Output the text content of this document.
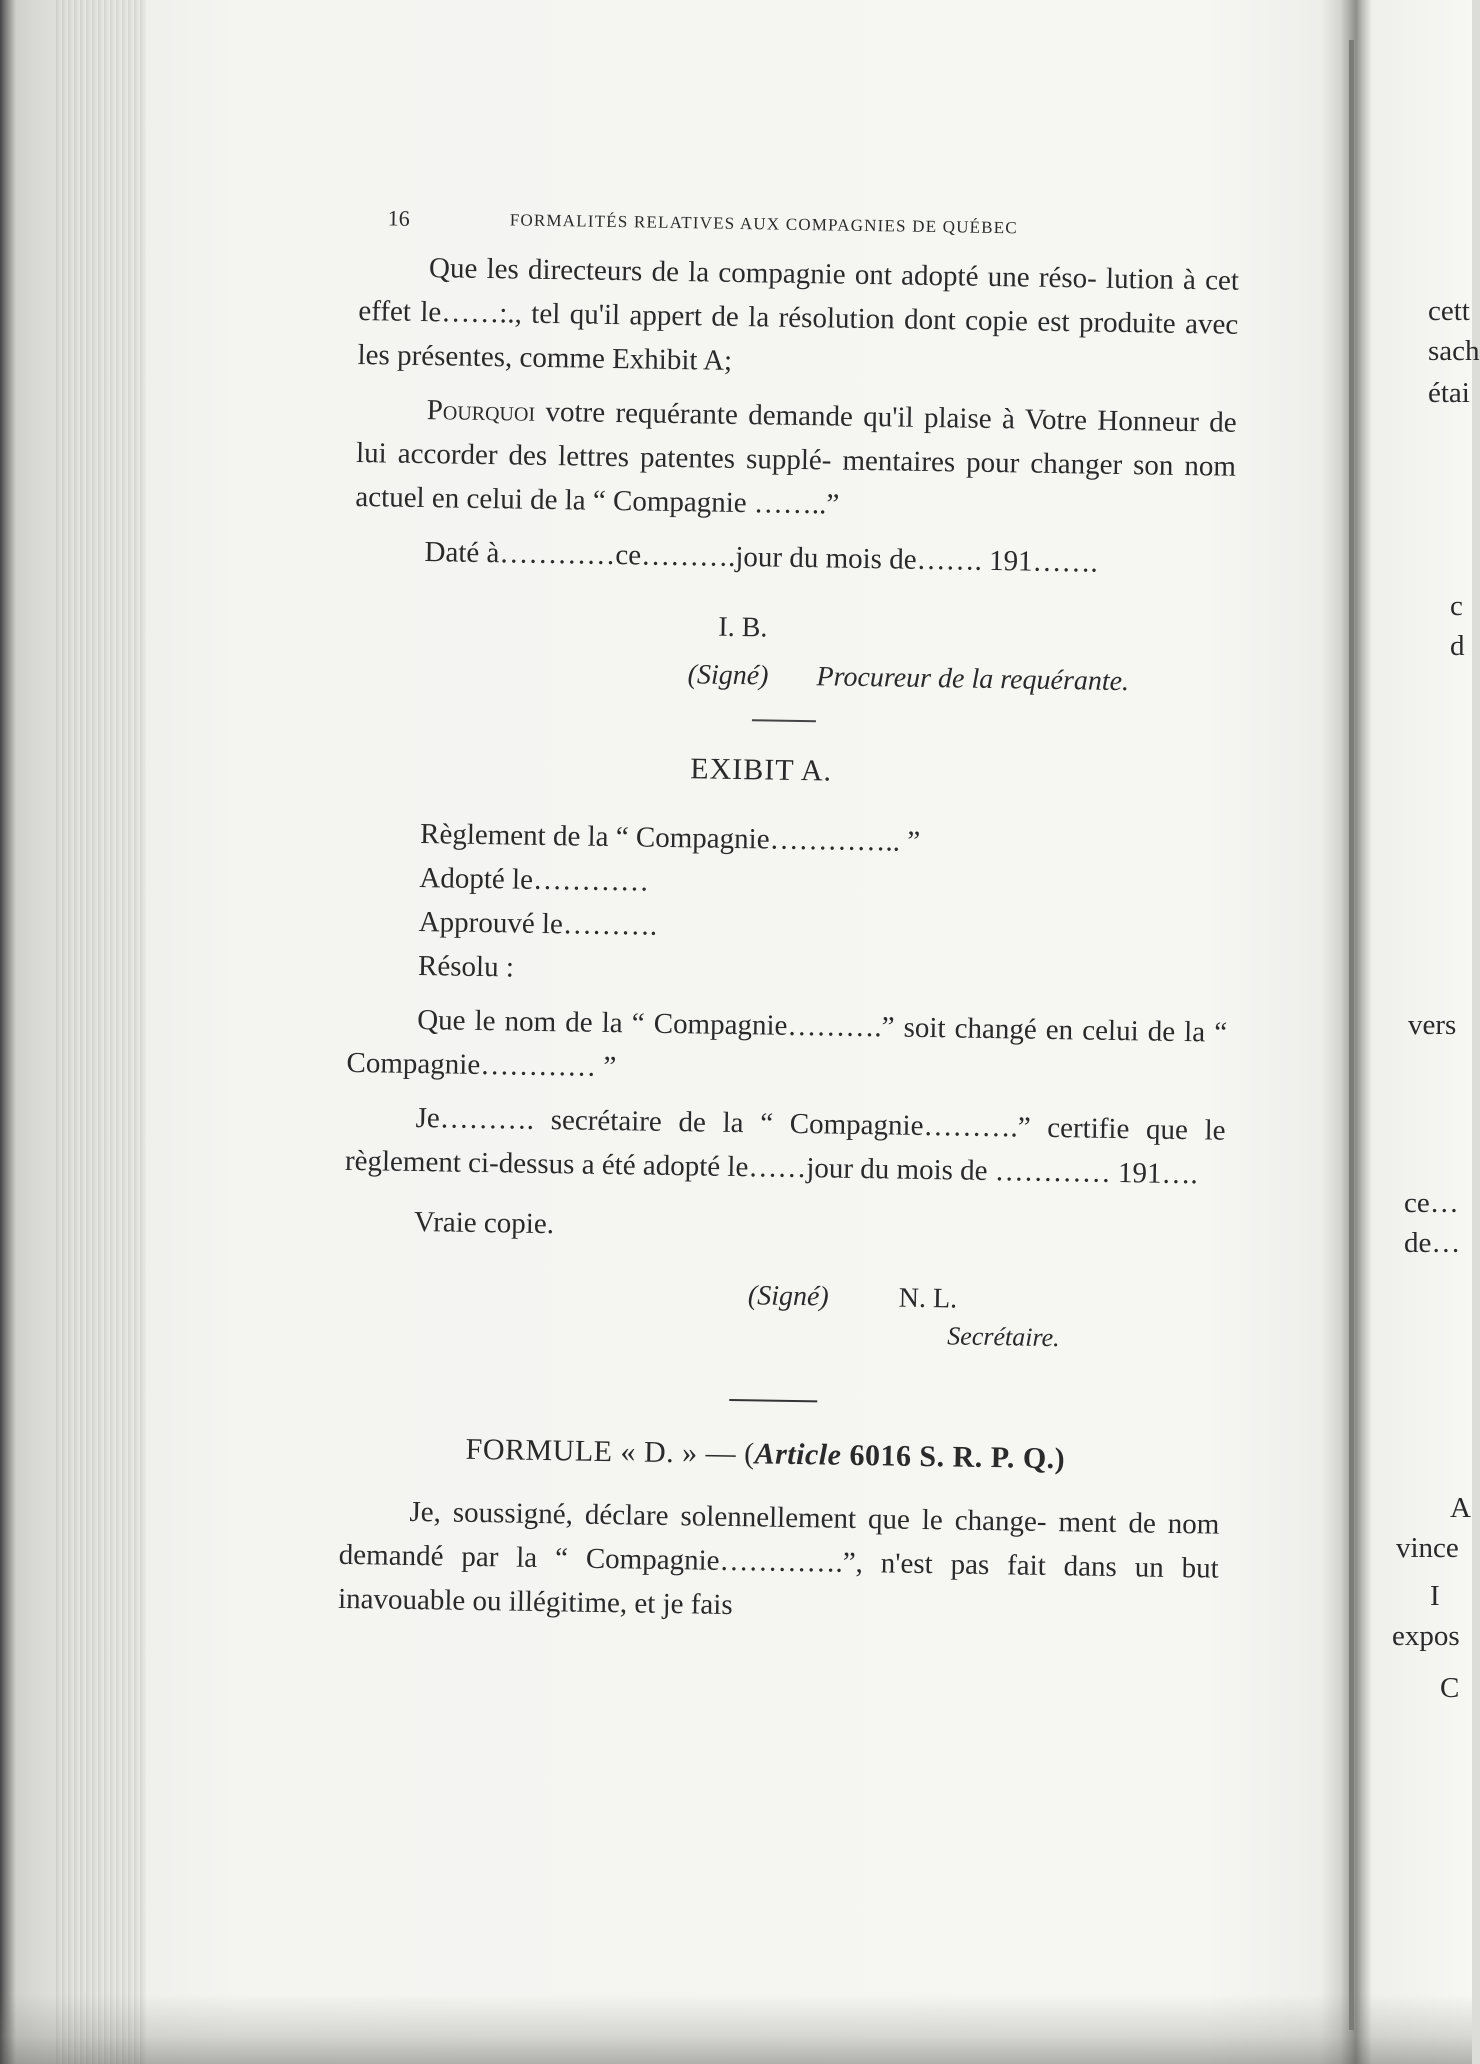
16	FORMALITÉS RELATIVES AUX COMPAGNIES DE QUÉBEC

Que les directeurs de la compagnie ont adopté une réso- lution à cet effet le……:., tel qu'il appert de la résolution dont copie est produite avec les présentes, comme Exhibit A;

Pourquoi votre requérante demande qu'il plaise à Votre Honneur de lui accorder des lettres patentes supplé- mentaires pour changer son nom actuel en celui de la “ Compagnie ……..”

Daté à…………ce……….jour du mois de……. 191…….

I. B.
(Signé) Procureur de la requérante.
EXIBIT A.
Règlement de la “ Compagnie………….. ”
Adopté le…………
Approuvé le……….
Résolu :

Que le nom de la “ Compagnie……….” soit changé en celui de la “ Compagnie………… ”

Je………. secrétaire de la “ Compagnie……….” certifie que le règlement ci-dessus a été adopté le……jour du mois de ………… 191….

Vraie copie.

(Signé) N. L.
Secrétaire.
FORMULE « D. » — (Article 6016 S. R. P. Q.)

Je, soussigné, déclare solennellement que le change- ment de nom demandé par la “ Compagnie………….”, n'est pas fait dans un but inavouable ou illégitime, et je fais

cett
sach
étai
c
d
vers
ce…
de…
A
vince
I
expos
C
